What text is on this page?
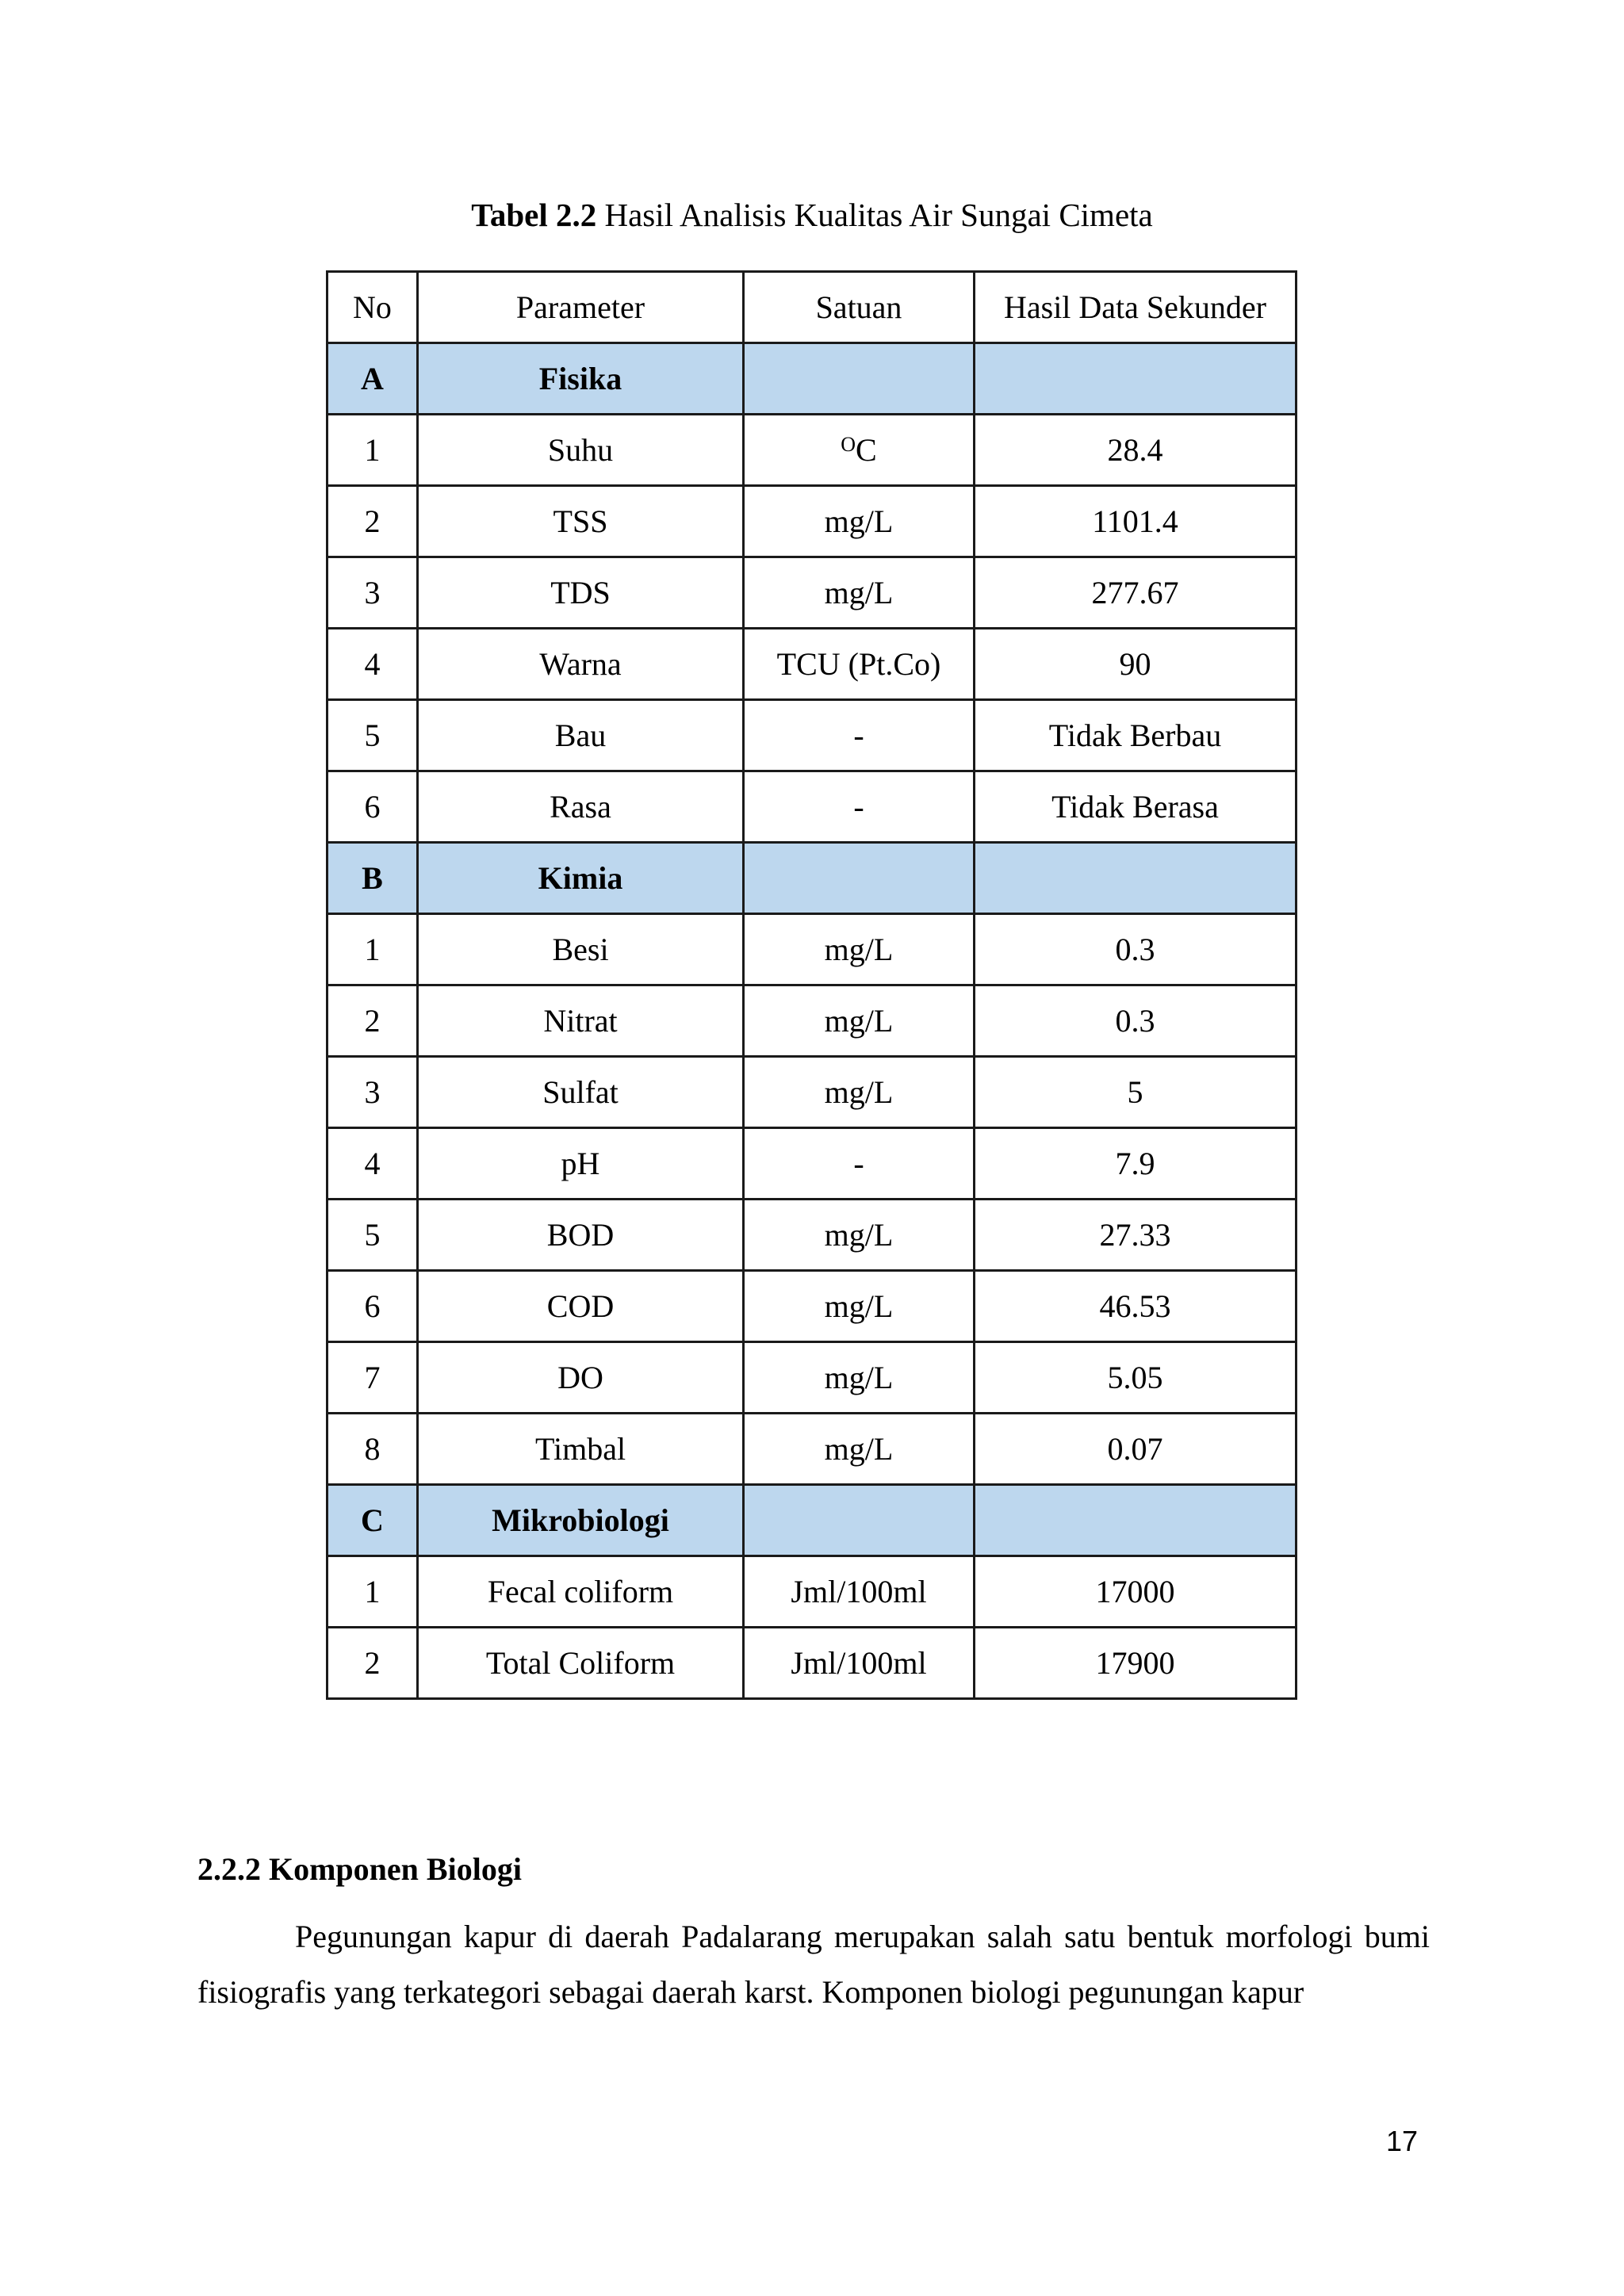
Tabel 2.2 Hasil Analisis Kualitas Air Sungai Cimeta
No	Parameter	Satuan	Hasil Data Sekunder
A	Fisika		
1	Suhu	$^O$C	28.4
2	TSS	mg/L	1101.4
3	TDS	mg/L	277.67
4	Warna	TCU (Pt.Co)	90
5	Bau	-	Tidak Berbau
6	Rasa	-	Tidak Berasa
B	Kimia		
1	Besi	mg/L	0.3
2	Nitrat	mg/L	0.3
3	Sulfat	mg/L	5
4	pH	-	7.9
5	BOD	mg/L	27.33
6	COD	mg/L	46.53
7	DO	mg/L	5.05
8	Timbal	mg/L	0.07
C	Mikrobiologi		
1	Fecal coliform	Jml/100ml	17000
2	Total Coliform	Jml/100ml	17900
2.2.2 Komponen Biologi
Pegunungan kapur di daerah Padalarang merupakan salah satu bentuk morfologi bumi fisiografis yang terkategori sebagai daerah karst. Komponen biologi pegunungan kapur
17
